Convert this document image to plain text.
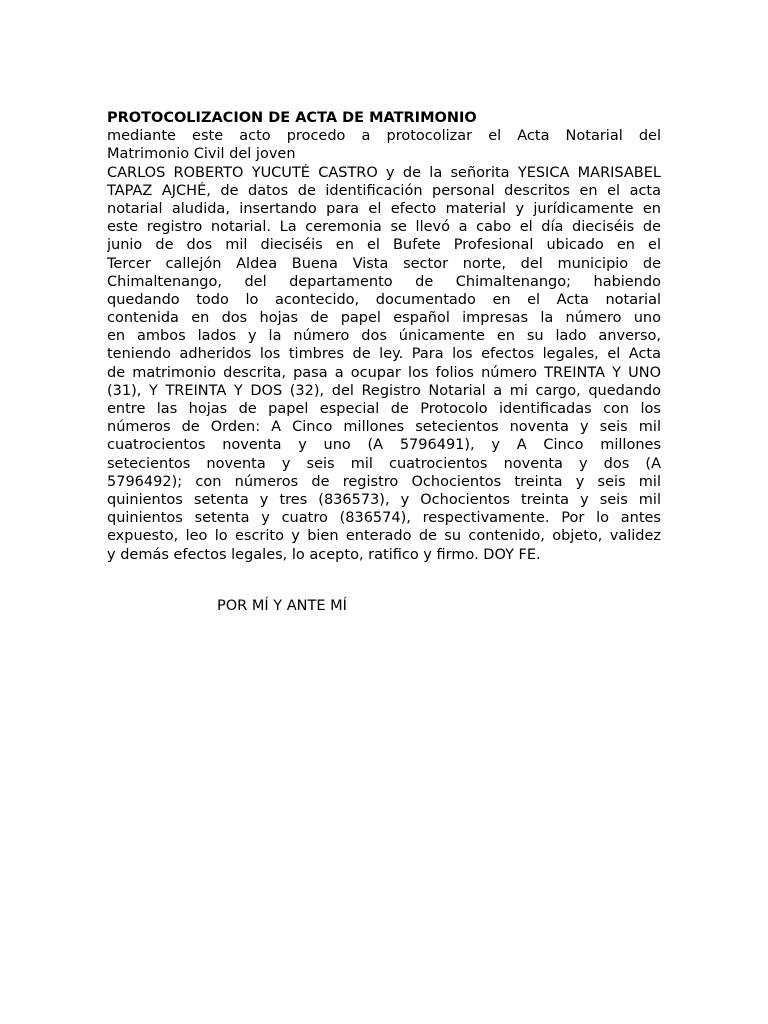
PROTOCOLIZACION DE ACTA DE MATRIMONIO
mediante este acto procedo a protocolizar el Acta Notarial del
Matrimonio Civil del joven
CARLOS ROBERTO YUCUTÉ CASTRO y de la señorita YESICA MARISABEL
TAPAZ AJCHÉ, de datos de identificación personal descritos en el acta
notarial aludida, insertando para el efecto material y jurídicamente en
este registro notarial. La ceremonia se llevó a cabo el día dieciséis de
junio de dos mil dieciséis en el Bufete Profesional ubicado en el
Tercer callejón Aldea Buena Vista sector norte, del municipio de
Chimaltenango, del departamento de Chimaltenango; habiendo
quedando todo lo acontecido, documentado en el Acta notarial
contenida en dos hojas de papel español impresas la número uno
en ambos lados y la número dos únicamente en su lado anverso,
teniendo adheridos los timbres de ley. Para los efectos legales, el Acta
de matrimonio descrita, pasa a ocupar los folios número TREINTA Y UNO
(31), Y TREINTA Y DOS (32), del Registro Notarial a mi cargo, quedando
entre las hojas de papel especial de Protocolo identificadas con los
números de Orden: A Cinco millones setecientos noventa y seis mil
cuatrocientos noventa y uno (A 5796491), y A Cinco millones
setecientos noventa y seis mil cuatrocientos noventa y dos (A
5796492); con números de registro Ochocientos treinta y seis mil
quinientos setenta y tres (836573), y Ochocientos treinta y seis mil
quinientos setenta y cuatro (836574), respectivamente. Por lo antes
expuesto, leo lo escrito y bien enterado de su contenido, objeto, validez
y demás efectos legales, lo acepto, ratifico y firmo. DOY FE.
POR MÍ Y ANTE MÍ
